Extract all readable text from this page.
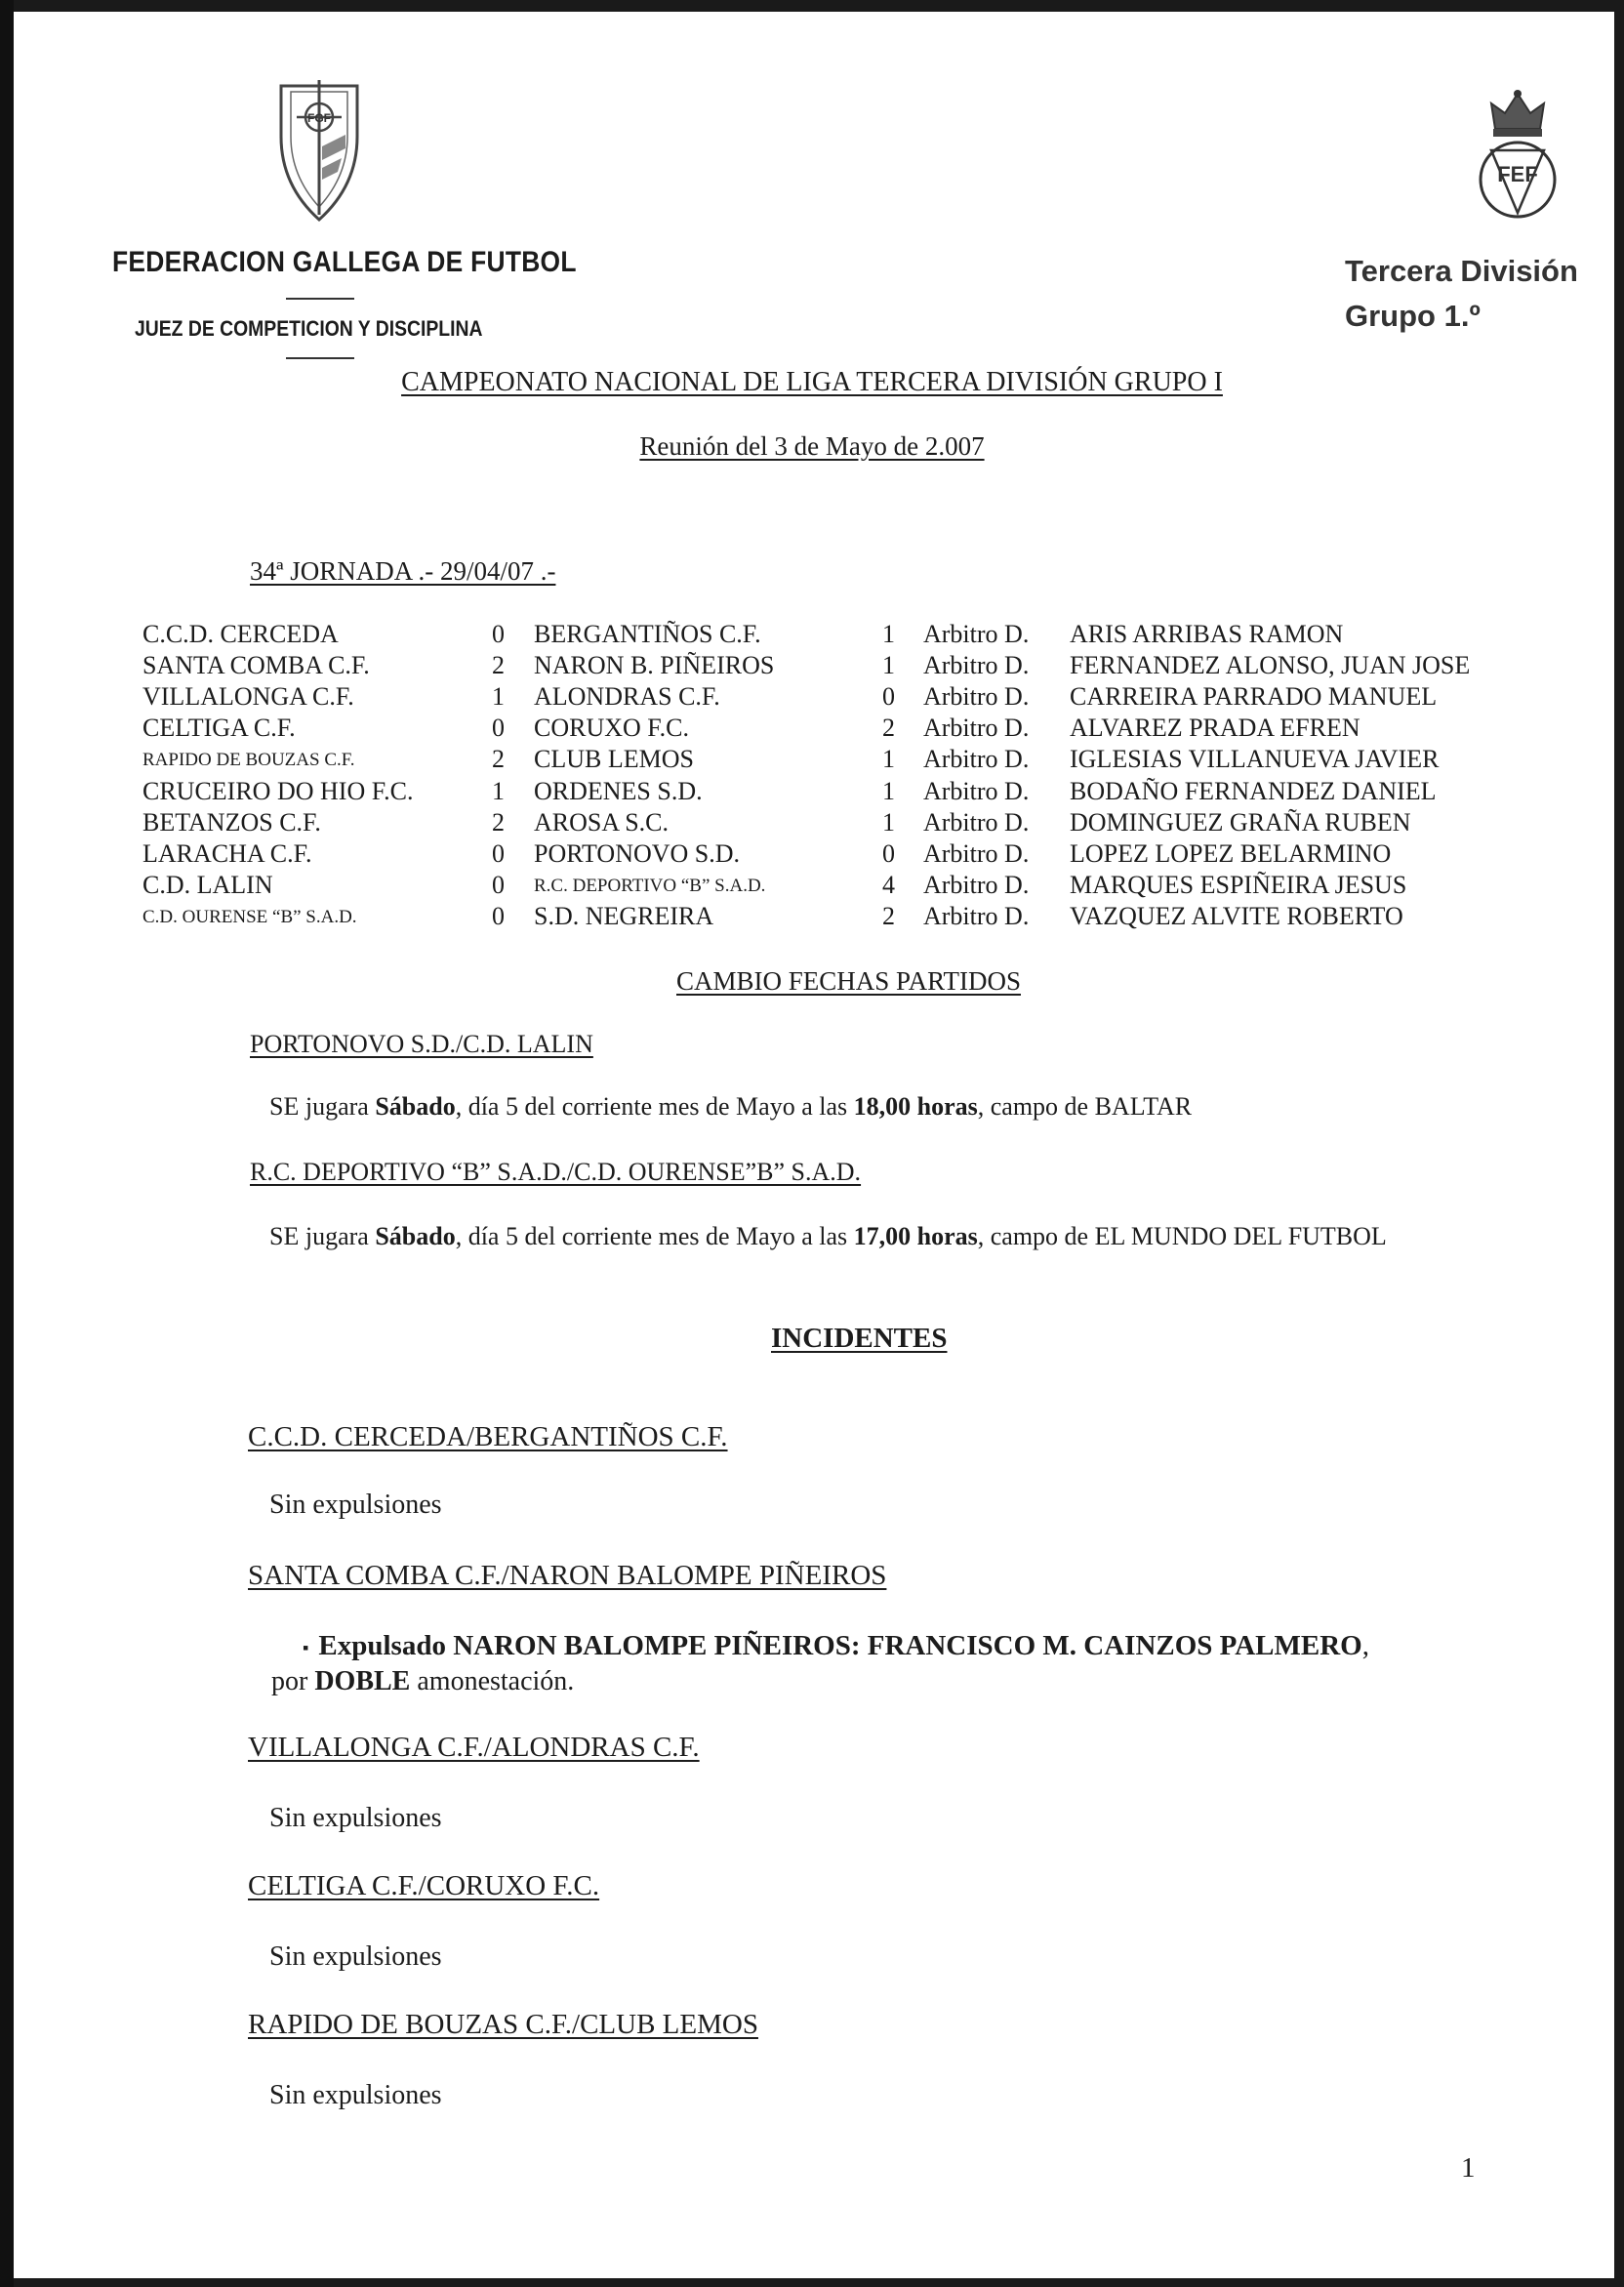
FGF
FEDERACION GALLEGA DE FUTBOL
JUEZ DE COMPETICION Y DISCIPLINA
FEF
Tercera División
Grupo 1.º
CAMPEONATO NACIONAL DE LIGA TERCERA DIVISIÓN GRUPO I
Reunión del 3 de Mayo de 2.007
34ª JORNADA .- 29/04/07 .-
C.C.D. CERCEDA	0 BERGANTIÑOS C.F.	1 Arbitro D. ARIS ARRIBAS RAMON
SANTA COMBA C.F.	2 NARON B. PIÑEIROS	1 Arbitro D. FERNANDEZ ALONSO, JUAN JOSE
VILLALONGA C.F.	1 ALONDRAS C.F.	0 Arbitro D. CARREIRA PARRADO MANUEL
CELTIGA C.F.	0 CORUXO F.C.	2 Arbitro D. ALVAREZ PRADA EFREN
RAPIDO DE BOUZAS C.F.	2 CLUB LEMOS	1 Arbitro D. IGLESIAS VILLANUEVA JAVIER
CRUCEIRO DO HIO F.C.	1 ORDENES S.D.	1 Arbitro D. BODAÑO FERNANDEZ DANIEL
BETANZOS C.F.	2 AROSA S.C.	1 Arbitro D. DOMINGUEZ GRAÑA RUBEN
LARACHA C.F.	0 PORTONOVO S.D.	0 Arbitro D. LOPEZ LOPEZ BELARMINO
C.D. LALIN	0 R.C. DEPORTIVO “B” S.A.D.	4 Arbitro D. MARQUES ESPIÑEIRA JESUS
C.D. OURENSE “B” S.A.D.	0 S.D. NEGREIRA	2 Arbitro D. VAZQUEZ ALVITE ROBERTO
CAMBIO FECHAS PARTIDOS
PORTONOVO S.D./C.D. LALIN
SE jugara Sábado, día 5 del corriente mes de Mayo a las 18,00 horas, campo de BALTAR
R.C. DEPORTIVO “B” S.A.D./C.D. OURENSE”B” S.A.D.
SE jugara Sábado, día 5 del corriente mes de Mayo a las 17,00 horas, campo de EL MUNDO DEL FUTBOL
INCIDENTES
C.C.D. CERCEDA/BERGANTIÑOS C.F.
Sin expulsiones
SANTA COMBA C.F./NARON BALOMPE PIÑEIROS
▪ Expulsado NARON BALOMPE PIÑEIROS: FRANCISCO M. CAINZOS PALMERO,
por DOBLE amonestación.
VILLALONGA C.F./ALONDRAS C.F.
Sin expulsiones
CELTIGA C.F./CORUXO F.C.
Sin expulsiones
RAPIDO DE BOUZAS C.F./CLUB LEMOS
Sin expulsiones
1
